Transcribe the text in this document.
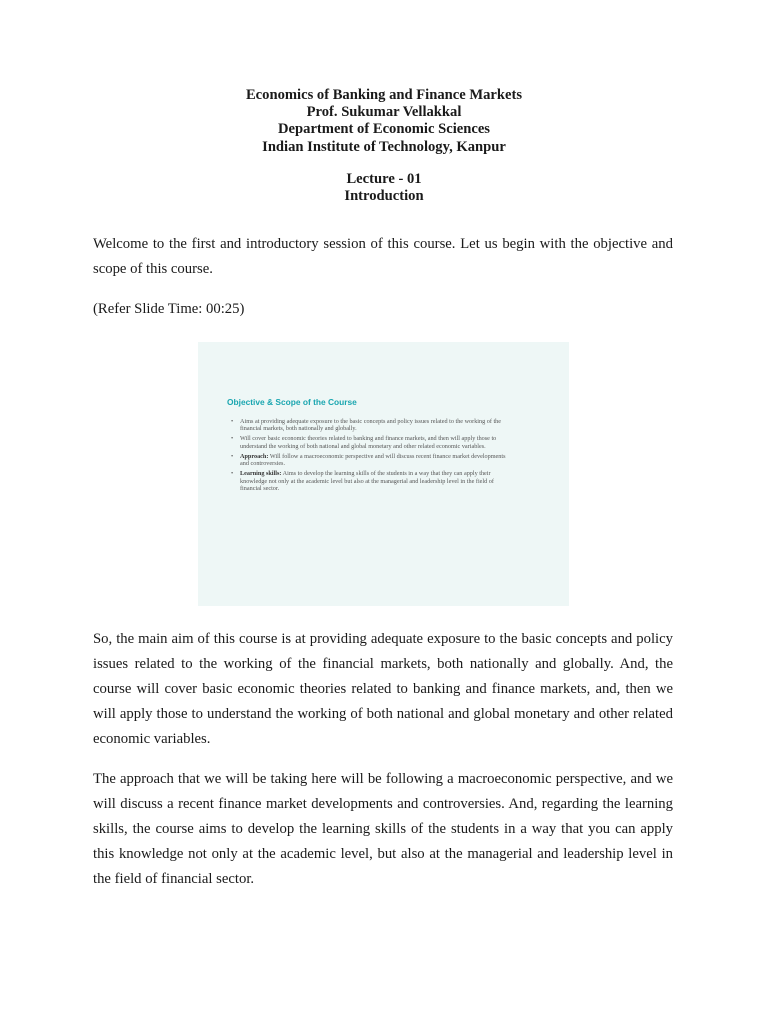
Economics of Banking and Finance Markets
Prof. Sukumar Vellakkal
Department of Economic Sciences
Indian Institute of Technology, Kanpur
Lecture - 01
Introduction
Welcome to the first and introductory session of this course. Let us begin with the objective and scope of this course.
(Refer Slide Time: 00:25)
Objective & Scope of the Course
• Aims at providing adequate exposure to the basic concepts and policy issues related to the working of the financial markets, both nationally and globally.
• Will cover basic economic theories related to banking and finance markets, and then will apply those to understand the working of both national and global monetary and other related economic variables.
• Approach: Will follow a macroeconomic perspective and will discuss recent finance market developments and controversies.
• Learning skills: Aims to develop the learning skills of the students in a way that they can apply their knowledge not only at the academic level but also at the managerial and leadership level in the field of financial sector.
So, the main aim of this course is at providing adequate exposure to the basic concepts and policy issues related to the working of the financial markets, both nationally and globally. And, the course will cover basic economic theories related to banking and finance markets, and, then we will apply those to understand the working of both national and global monetary and other related economic variables.
The approach that we will be taking here will be following a macroeconomic perspective, and we will discuss a recent finance market developments and controversies. And, regarding the learning skills, the course aims to develop the learning skills of the students in a way that you can apply this knowledge not only at the academic level, but also at the managerial and leadership level in the field of financial sector.
